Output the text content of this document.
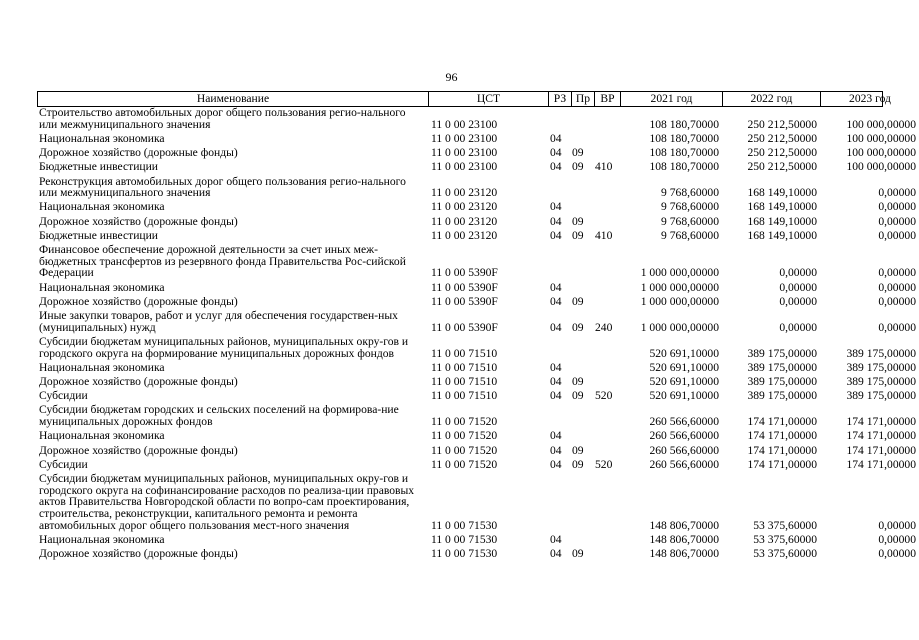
96
Наименование	ЦСТ	РЗ Пр ВР	2021 год	2022 год	2023 год
Строительство автомобильных дорог общего пользования регио-нального или межмуниципального значения	11 0 00 23100	108 180,70000	250 212,50000	100 000,00000
Национальная экономика	11 0 00 23100	04	108 180,70000	250 212,50000	100 000,00000
Дорожное хозяйство (дорожные фонды)	11 0 00 23100	04 09	108 180,70000	250 212,50000	100 000,00000
Бюджетные инвестиции	11 0 00 23100	04 09 410	108 180,70000	250 212,50000	100 000,00000
Реконструкция автомобильных дорог общего пользования регио-нального или межмуниципального значения	11 0 00 23120	9 768,60000	168 149,10000	0,00000
Национальная экономика	11 0 00 23120	04	9 768,60000	168 149,10000	0,00000
Дорожное хозяйство (дорожные фонды)	11 0 00 23120	04 09	9 768,60000	168 149,10000	0,00000
Бюджетные инвестиции	11 0 00 23120	04 09 410	9 768,60000	168 149,10000	0,00000
Финансовое обеспечение дорожной деятельности за счет иных меж-бюджетных трансфертов из резервного фонда Правительства Рос-сийской Федерации	11 0 00 5390F	1 000 000,00000	0,00000	0,00000
Национальная экономика	11 0 00 5390F	04	1 000 000,00000	0,00000	0,00000
Дорожное хозяйство (дорожные фонды)	11 0 00 5390F	04 09	1 000 000,00000	0,00000	0,00000
Иные закупки товаров, работ и услуг для обеспечения государствен-ных (муниципальных) нужд	11 0 00 5390F	04 09 240	1 000 000,00000	0,00000	0,00000
Субсидии бюджетам муниципальных районов, муниципальных окру-гов и городского округа на формирование муниципальных дорожных фондов	11 0 00 71510	520 691,10000	389 175,00000	389 175,00000
Национальная экономика	11 0 00 71510	04	520 691,10000	389 175,00000	389 175,00000
Дорожное хозяйство (дорожные фонды)	11 0 00 71510	04 09	520 691,10000	389 175,00000	389 175,00000
Субсидии	11 0 00 71510	04 09 520	520 691,10000	389 175,00000	389 175,00000
Субсидии бюджетам городских и сельских поселений на формирова-ние муниципальных дорожных фондов	11 0 00 71520	260 566,60000	174 171,00000	174 171,00000
Национальная экономика	11 0 00 71520	04	260 566,60000	174 171,00000	174 171,00000
Дорожное хозяйство (дорожные фонды)	11 0 00 71520	04 09	260 566,60000	174 171,00000	174 171,00000
Субсидии	11 0 00 71520	04 09 520	260 566,60000	174 171,00000	174 171,00000
Субсидии бюджетам муниципальных районов, муниципальных окру-гов и городского округа на софинансирование расходов по реализа-ции правовых актов Правительства Новгородской области по вопро-сам проектирования, строительства, реконструкции, капитального ремонта и ремонта автомобильных дорог общего пользования мест-ного значения	11 0 00 71530	148 806,70000	53 375,60000	0,00000
Национальная экономика	11 0 00 71530	04	148 806,70000	53 375,60000	0,00000
Дорожное хозяйство (дорожные фонды)	11 0 00 71530	04 09	148 806,70000	53 375,60000	0,00000
